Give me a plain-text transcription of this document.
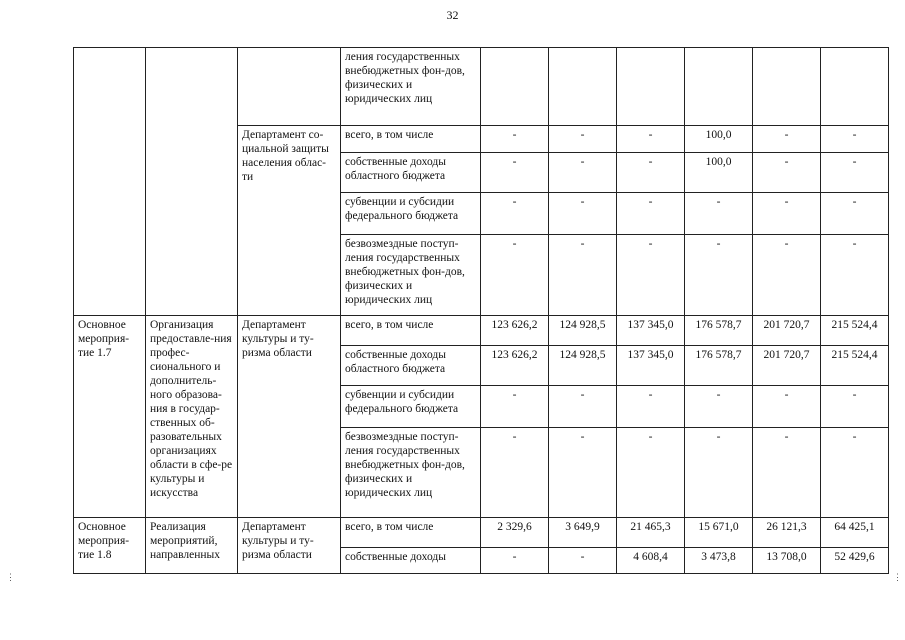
32
			ления государственных внебюджетных фон-дов, физических и юридических лиц						
		Департамент со-циальной защиты населения облас-ти	всего, в том числе	-	-	-	100,0	-	-
			собственные доходы областного бюджета	-	-	-	100,0	-	-
			субвенции и субсидии федерального бюджета	-	-	-	-	-	-
			безвозмездные поступ-ления государственных внебюджетных фон-дов, физических и юридических лиц	-	-	-	-	-	-
Основное мероприя-тие 1.7	Организация предоставле-ния профес-сионального и дополнитель-ного образова-ния в государ-ственных об-разовательных организациях области в сфе-ре культуры и искусства	Департамент культуры и ту-ризма области	всего, в том числе	123 626,2	124 928,5	137 345,0	176 578,7	201 720,7	215 524,4
			собственные доходы областного бюджета	123 626,2	124 928,5	137 345,0	176 578,7	201 720,7	215 524,4
			субвенции и субсидии федерального бюджета	-	-	-	-	-	-
			безвозмездные поступ-ления государственных внебюджетных фон-дов, физических и юридических лиц	-	-	-	-	-	-
Основное мероприя-тие 1.8	Реализация мероприятий, направленных	Департамент культуры и ту-ризма области	всего, в том числе	2 329,6	3 649,9	21 465,3	15 671,0	26 121,3	64 425,1
			собственные доходы	-	-	4 608,4	3 473,8	13 708,0	52 429,6
⋮	⋮
